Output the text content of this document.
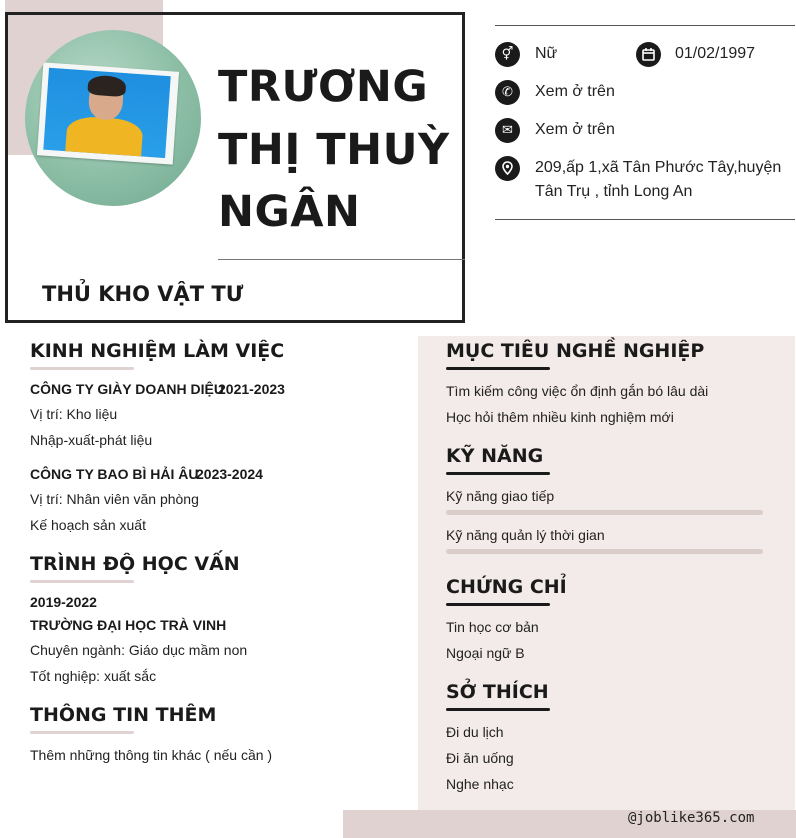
TRƯƠNG
THỊ THUỲ
NGÂN
THỦ KHO VẬT TƯ
⚥	Nữ	01/02/1997
✆	Xem ở trên
✉	Xem ở trên
209,ấp 1,xã Tân Phước Tây,huyện
Tân Trụ , tỉnh Long An
@joblike365.com
KINH NGHIỆM LÀM VIỆC
CÔNG TY GIÀY DOANH DIỆU
2021-2023
Vị trí: Kho liệu
Nhập-xuất-phát liệu
CÔNG TY BAO BÌ HẢI ÂU
2023-2024
Vị trí: Nhân viên văn phòng
Kế hoạch sản xuất
TRÌNH ĐỘ HỌC VẤN
2019-2022
TRƯỜNG ĐẠI HỌC TRÀ VINH
Chuyên ngành: Giáo dục mầm non
Tốt nghiệp: xuất sắc
THÔNG TIN THÊM
Thêm những thông tin khác ( nếu cần )
MỤC TIÊU NGHỀ NGHIỆP
Tìm kiếm công việc ổn định gắn bó lâu dài
Học hỏi thêm nhiều kinh nghiệm mới
KỸ NĂNG
Kỹ năng giao tiếp
Kỹ năng quản lý thời gian
CHỨNG CHỈ
Tin học cơ bản
Ngoại ngữ B
SỞ THÍCH
Đi du lịch
Đi ăn uống
Nghe nhạc
